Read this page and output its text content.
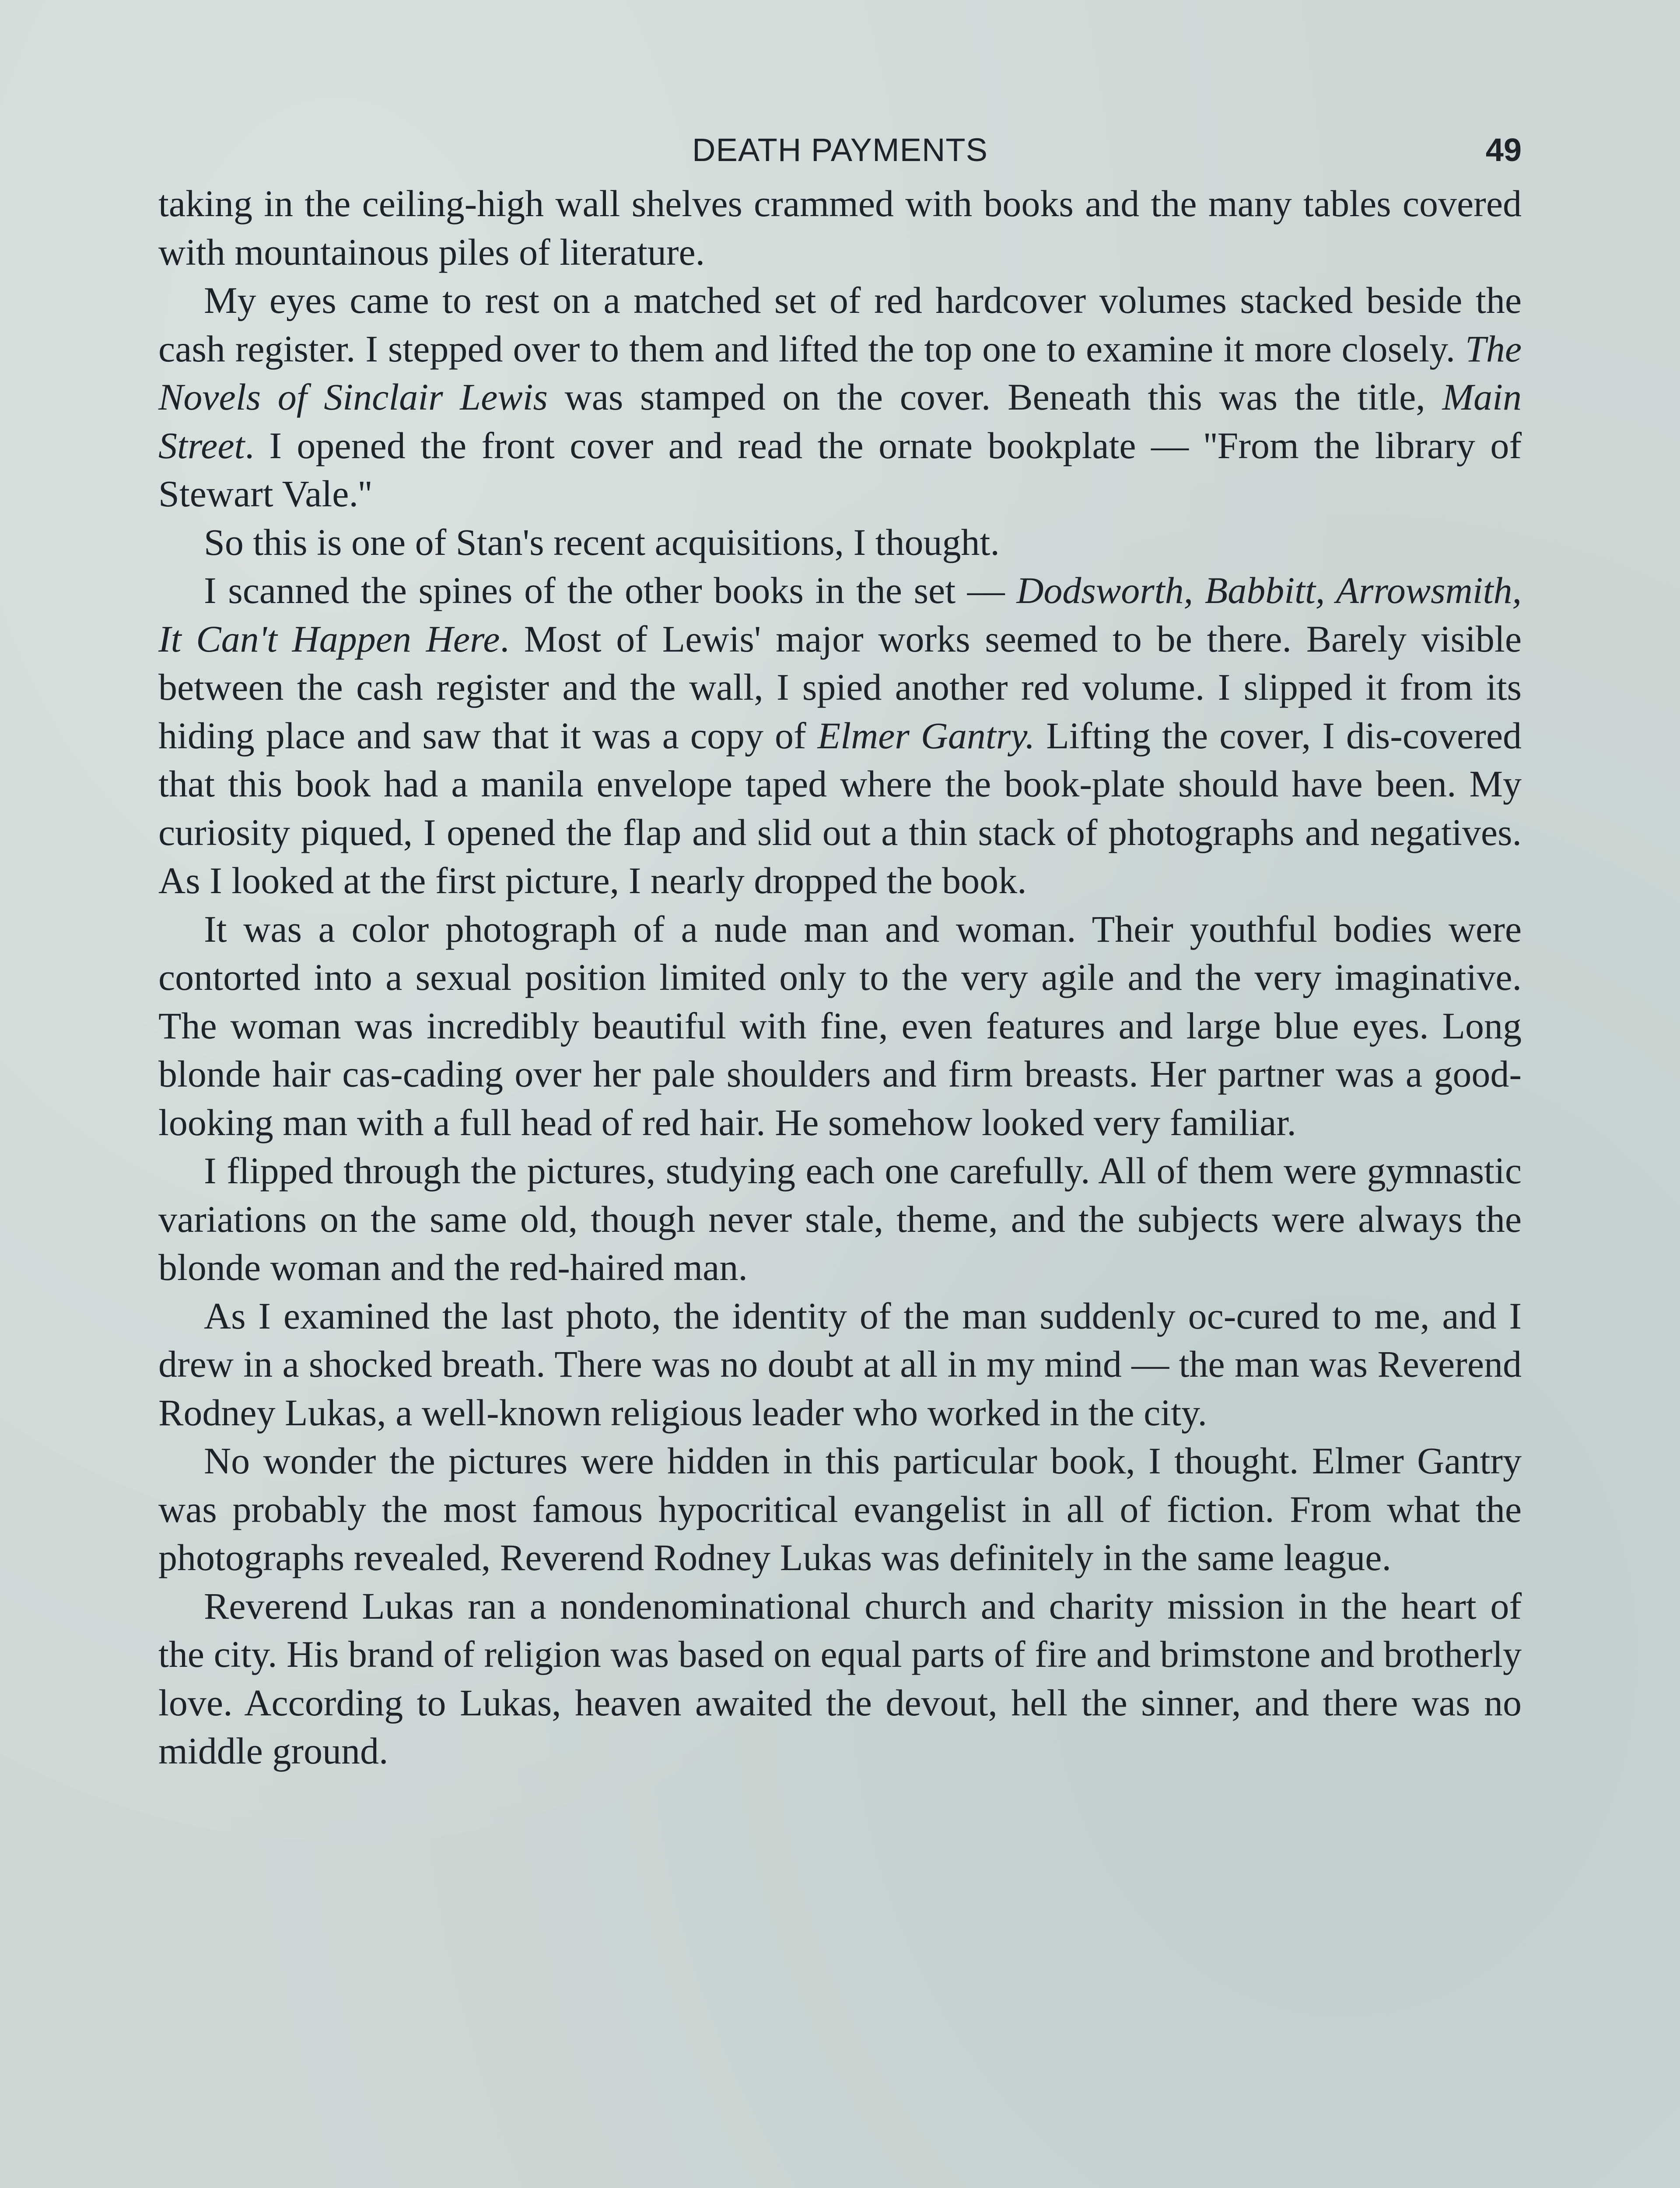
DEATH PAYMENTS	49

taking in the ceiling-high wall shelves crammed with books and the many tables covered with mountainous piles of literature.

My eyes came to rest on a matched set of red hardcover volumes stacked beside the cash register. I stepped over to them and lifted the top one to examine it more closely. The Novels of Sinclair Lewis was stamped on the cover. Beneath this was the title, Main Street. I opened the front cover and read the ornate bookplate — ''From the library of Stewart Vale.''

So this is one of Stan's recent acquisitions, I thought.

I scanned the spines of the other books in the set — Dodsworth, Babbitt, Arrowsmith, It Can't Happen Here. Most of Lewis' major works seemed to be there. Barely visible between the cash register and the wall, I spied another red volume. I slipped it from its hiding place and saw that it was a copy of Elmer Gantry. Lifting the cover, I dis-covered that this book had a manila envelope taped where the book-plate should have been. My curiosity piqued, I opened the flap and slid out a thin stack of photographs and negatives. As I looked at the first picture, I nearly dropped the book.

It was a color photograph of a nude man and woman. Their youthful bodies were contorted into a sexual position limited only to the very agile and the very imaginative. The woman was incredibly beautiful with fine, even features and large blue eyes. Long blonde hair cas-cading over her pale shoulders and firm breasts. Her partner was a good-looking man with a full head of red hair. He somehow looked very familiar.

I flipped through the pictures, studying each one carefully. All of them were gymnastic variations on the same old, though never stale, theme, and the subjects were always the blonde woman and the red-haired man.

As I examined the last photo, the identity of the man suddenly oc-cured to me, and I drew in a shocked breath. There was no doubt at all in my mind — the man was Reverend Rodney Lukas, a well-known religious leader who worked in the city.

No wonder the pictures were hidden in this particular book, I thought. Elmer Gantry was probably the most famous hypocritical evangelist in all of fiction. From what the photographs revealed, Reverend Rodney Lukas was definitely in the same league.

Reverend Lukas ran a nondenominational church and charity mission in the heart of the city. His brand of religion was based on equal parts of fire and brimstone and brotherly love. According to Lukas, heaven awaited the devout, hell the sinner, and there was no middle ground.
